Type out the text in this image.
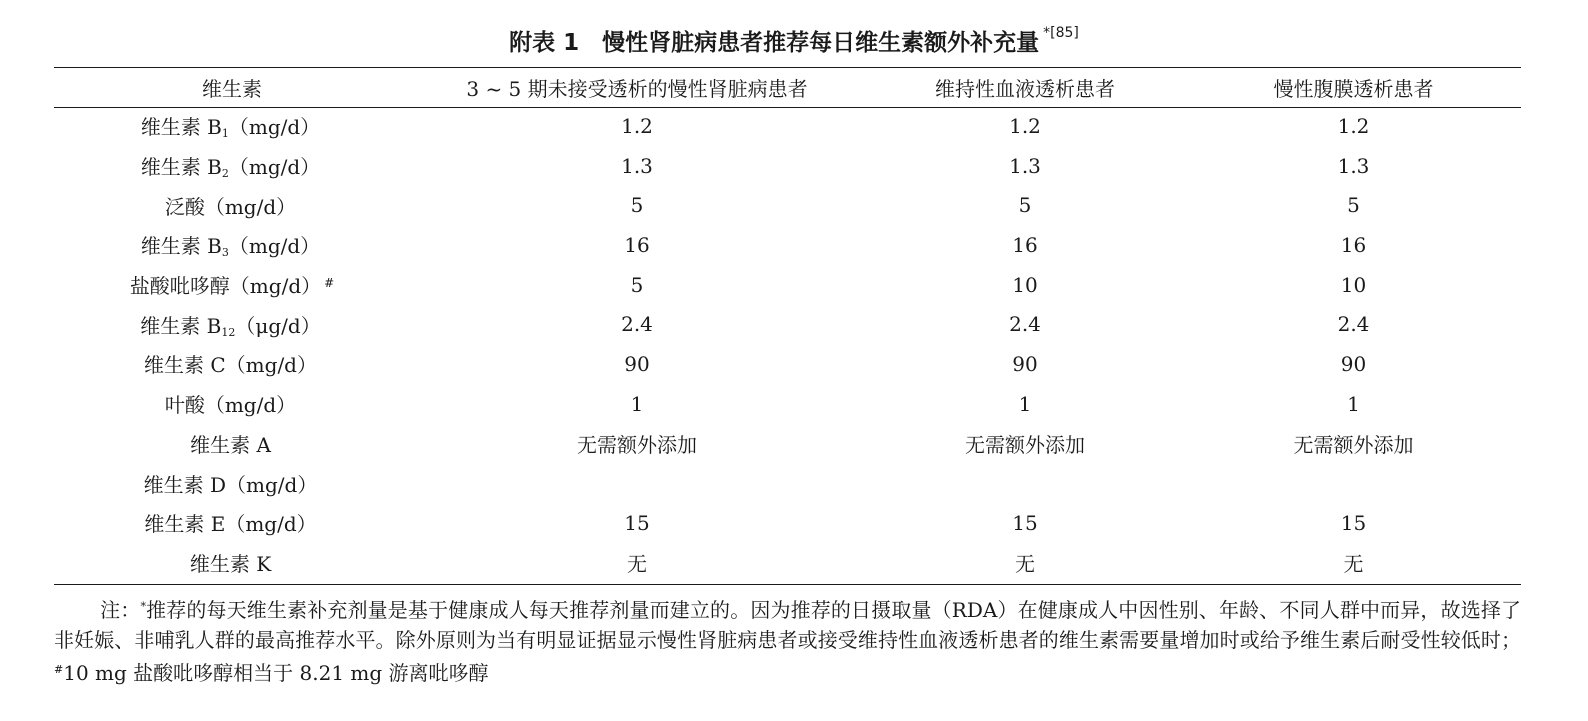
附表 1　慢性肾脏病患者推荐每日维生素额外补充量 $^{*[85]}$
维生素	3 ~ 5 期未接受透析的慢性肾脏病患者	维持性血液透析患者	慢性腹膜透析患者
维生素 $B_1(mg/d)$	1.2	1.2	1.2
维生素 $B_2(mg/d)$	1.3	1.3	1.3
泛酸（mg/d）	5	5	5
维生素 $B_3(mg/d)$	16	16	16
盐酸吡哆醇（mg/d） #	5	10	10
维生素 $B_{12}(\mu g/d)$	2.4	2.4	2.4
维生素 C（mg/d）	90	90	90
叶酸（mg/d）	1	1	1
维生素 A	无需额外添加	无需额外添加	无需额外添加
维生素 D（mg/d）			
维生素 E（mg/d）	15	15	15
维生素 K	无	无	无
注：*推荐的每天维生素补充剂量是基于健康成人每天推荐剂量而建立的。因为推荐的日摄取量（RDA）在健康成人中因性别、年龄、不同人群中而异，故选择了非妊娠、非哺乳人群的最高推荐水平。除外原则为当有明显证据显示慢性肾脏病患者或接受维持性血液透析患者的维生素需要量增加时或给予维生素后耐受性较低时；#10 mg 盐酸吡哆醇相当于 8.21 mg 游离吡哆醇
